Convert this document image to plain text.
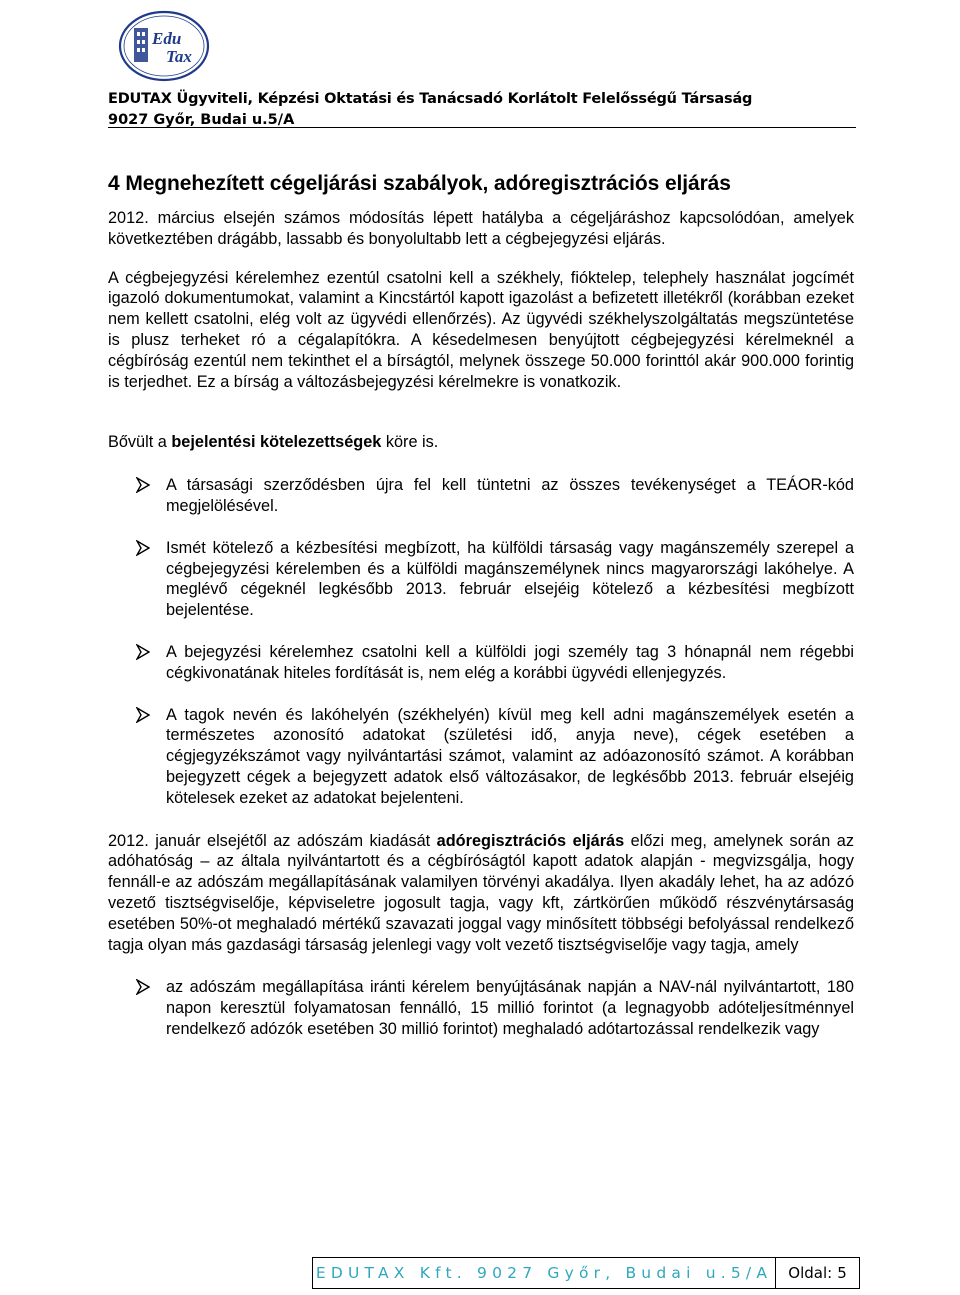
Edu
Tax
EDUTAX Ügyviteli, Képzési Oktatási és Tanácsadó Korlátolt Felelősségű Társaság
9027 Győr, Budai u.5/A
4 Megnehezített cégeljárási szabályok, adóregisztrációs eljárás

2012. március elsején számos módosítás lépett hatályba a cégeljáráshoz kapcsolódóan, amelyek következtében drágább, lassabb és bonyolultabb lett a cégbejegyzési eljárás.

A cégbejegyzési kérelemhez ezentúl csatolni kell a székhely, fióktelep, telephely használat jogcímét igazoló dokumentumokat, valamint a Kincstártól kapott igazolást a befizetett illetékről (korábban ezeket nem kellett csatolni, elég volt az ügyvédi ellenőrzés). Az ügyvédi székhelyszolgáltatás megszüntetése is plusz terheket ró a cégalapítókra. A késedelmesen benyújtott cégbejegyzési kérelmeknél a cégbíróság ezentúl nem tekinthet el a bírságtól, melynek összege 50.000 forinttól akár 900.000 forintig is terjedhet. Ez a bírság a változásbejegyzési kérelmekre is vonatkozik.

Bővült a bejelentési kötelezettségek köre is.

A társasági szerződésben újra fel kell tüntetni az összes tevékenységet a TEÁOR-kód megjelölésével.
Ismét kötelező a kézbesítési megbízott, ha külföldi társaság vagy magánszemély szerepel a cégbejegyzési kérelemben és a külföldi magánszemélynek nincs magyarországi lakóhelye. A meglévő cégeknél legkésőbb 2013. február elsejéig kötelező a kézbesítési megbízott bejelentése.
A bejegyzési kérelemhez csatolni kell a külföldi jogi személy tag 3 hónapnál nem régebbi cégkivonatának hiteles fordítását is, nem elég a korábbi ügyvédi ellenjegyzés.
A tagok nevén és lakóhelyén (székhelyén) kívül meg kell adni magánszemélyek esetén a természetes azonosító adatokat (születési idő, anyja neve), cégek esetében a cégjegyzékszámot vagy nyilvántartási számot, valamint az adóazonosító számot. A korábban bejegyzett cégek a bejegyzett adatok első változásakor, de legkésőbb 2013. február elsejéig kötelesek ezeket az adatokat bejelenteni.

2012. január elsejétől az adószám kiadását adóregisztrációs eljárás előzi meg, amelynek során az adóhatóság – az általa nyilvántartott és a cégbíróságtól kapott adatok alapján - megvizsgálja, hogy fennáll-e az adószám megállapításának valamilyen törvényi akadálya. Ilyen akadály lehet, ha az adózó vezető tisztségviselője, képviseletre jogosult tagja, vagy kft, zártkörűen működő részvénytársaság esetében 50%-ot meghaladó mértékű szavazati joggal vagy minősített többségi befolyással rendelkező tagja olyan más gazdasági társaság jelenlegi vagy volt vezető tisztségviselője vagy tagja, amely

az adószám megállapítása iránti kérelem benyújtásának napján a NAV-nál nyilvántartott, 180 napon keresztül folyamatosan fennálló, 15 millió forintot (a legnagyobb adóteljesítménnyel rendelkező adózók esetében 30 millió forintot) meghaladó adótartozással rendelkezik vagy
EDUTAX Kft. 9027 Győr, Budai u.5/A Oldal: 5
